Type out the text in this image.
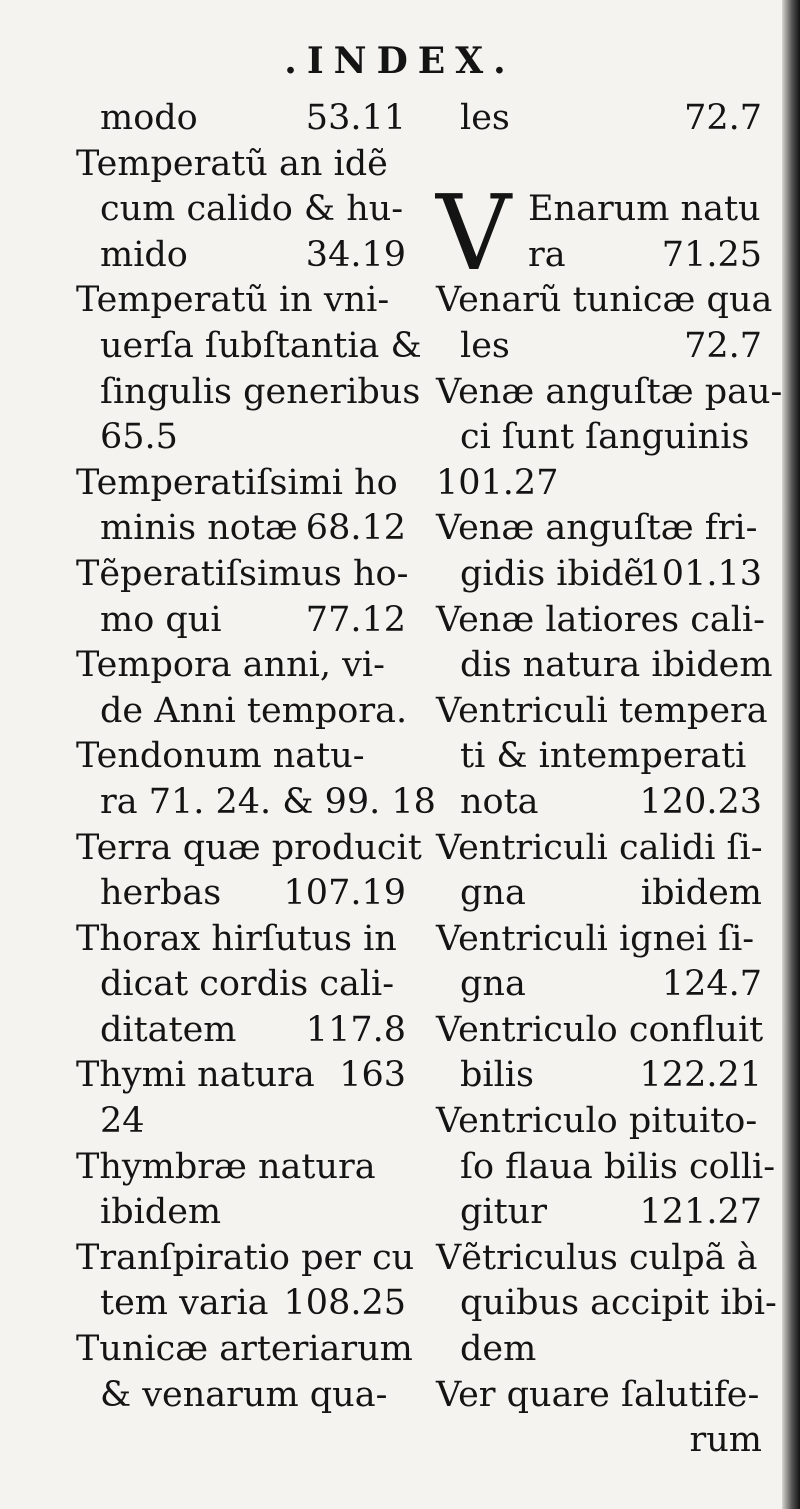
.INDEX.
modo	53.11
Temperatũ an idẽ
cum calido & hu-
mido	34.19
Temperatũ in vni-
uerſa ſubſtantia &
ſingulis generibus
65.5
Temperatiſsimi ho
minis notæ 68.12
Tẽperatiſsimus ho-
mo qui 77.12
Tempora anni, vi-
de Anni tempora.
Tendonum natu-
ra 71. 24. & 99. 18
Terra quæ producit
herbas 107.19
Thorax hirſutus in
dicat cordis cali-
ditatem 117.8
Thymi natura 163
24
Thymbræ natura
ibidem
Tranſpiratio per cu
tem varia 108.25
Tunicæ arteriarum
& venarum qua-
les	72.7
V Enarum natu
ra	71.25
Venarũ tunicæ qua
les	72.7
Venæ anguſtæ pau-
ci ſunt ſanguinis
101.27
Venæ anguſtæ fri-
gidis ibidẽ
101.13
Venæ latiores cali-
dis natura ibidem
Ventriculi tempera
ti & intemperati
nota	120.23
Ventriculi calidi ſi-
gna	ibidem
Ventriculi ignei ſi-
gna	124.7
Ventriculo confluit
bilis	122.21
Ventriculo pituito-
ſo flaua bilis colli-
gitur	121.27
Vẽtriculus culpã à
quibus accipit ibi-
dem
Ver quare ſalutife-
rum
